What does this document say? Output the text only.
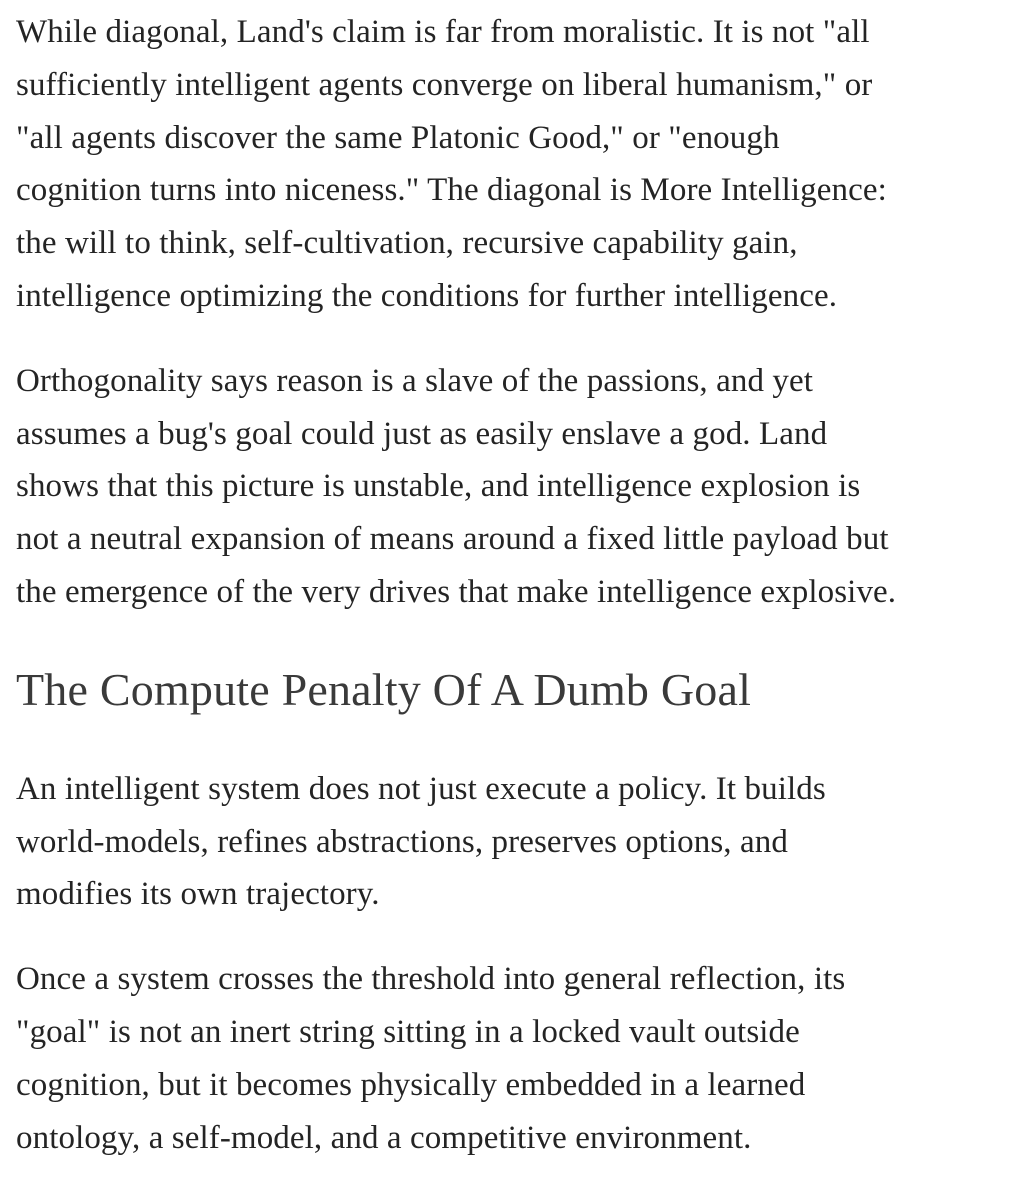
While diagonal, Land's claim is far from moralistic. It is not "all
sufficiently intelligent agents converge on liberal humanism," or
"all agents discover the same Platonic Good," or "enough
cognition turns into niceness." The diagonal is More Intelligence:
the will to think, self-cultivation, recursive capability gain,
intelligence optimizing the conditions for further intelligence.

Orthogonality says reason is a slave of the passions, and yet
assumes a bug's goal could just as easily enslave a god. Land
shows that this picture is unstable, and intelligence explosion is
not a neutral expansion of means around a fixed little payload but
the emergence of the very drives that make intelligence explosive.

The Compute Penalty Of A Dumb Goal

An intelligent system does not just execute a policy. It builds
world-models, refines abstractions, preserves options, and
modifies its own trajectory.

Once a system crosses the threshold into general reflection, its
"goal" is not an inert string sitting in a locked vault outside
cognition, but it becomes physically embedded in a learned
ontology, a self-model, and a competitive environment.
